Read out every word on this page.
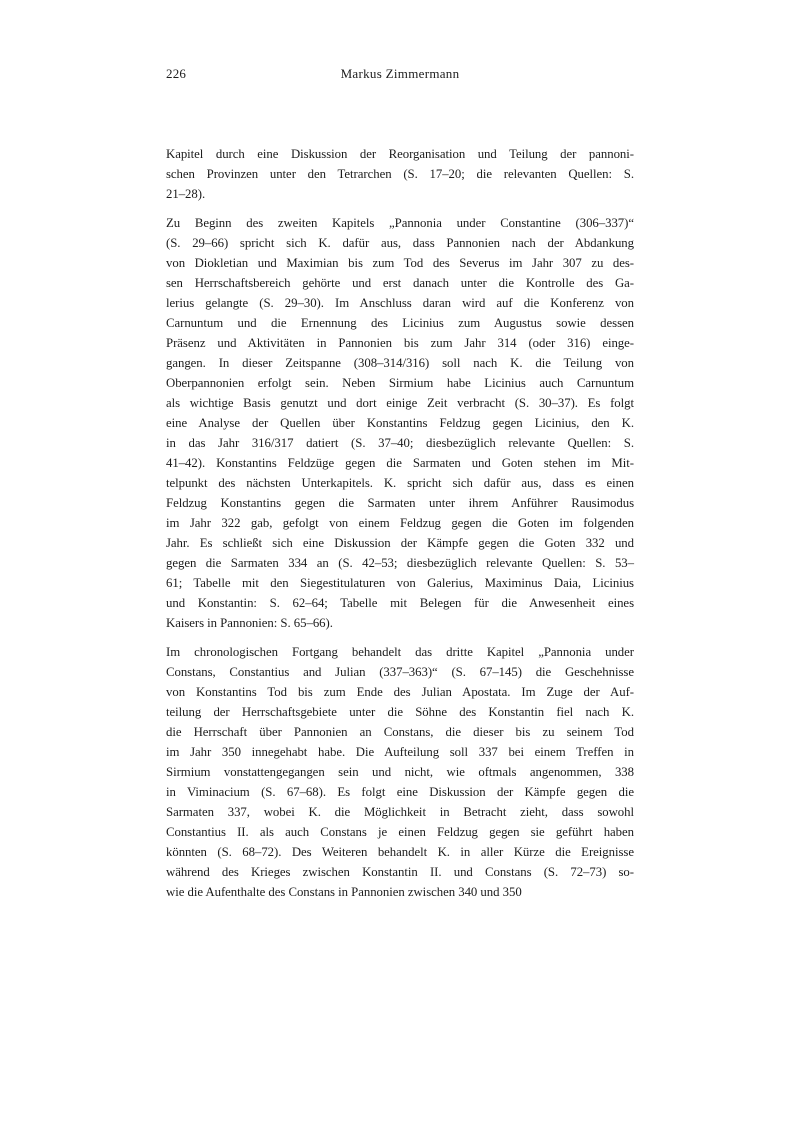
226	Markus Zimmermann
Kapitel durch eine Diskussion der Reorganisation und Teilung der pannoni-
schen Provinzen unter den Tetrarchen (S. 17–20; die relevanten Quellen: S.
21–28).
Zu Beginn des zweiten Kapitels „Pannonia under Constantine (306–337)“
(S. 29–66) spricht sich K. dafür aus, dass Pannonien nach der Abdankung
von Diokletian und Maximian bis zum Tod des Severus im Jahr 307 zu des-
sen Herrschaftsbereich gehörte und erst danach unter die Kontrolle des Ga-
lerius gelangte (S. 29–30). Im Anschluss daran wird auf die Konferenz von
Carnuntum und die Ernennung des Licinius zum Augustus sowie dessen
Präsenz und Aktivitäten in Pannonien bis zum Jahr 314 (oder 316) einge-
gangen. In dieser Zeitspanne (308–314/316) soll nach K. die Teilung von
Oberpannonien erfolgt sein. Neben Sirmium habe Licinius auch Carnuntum
als wichtige Basis genutzt und dort einige Zeit verbracht (S. 30–37). Es folgt
eine Analyse der Quellen über Konstantins Feldzug gegen Licinius, den K.
in das Jahr 316/317 datiert (S. 37–40; diesbezüglich relevante Quellen: S.
41–42). Konstantins Feldzüge gegen die Sarmaten und Goten stehen im Mit-
telpunkt des nächsten Unterkapitels. K. spricht sich dafür aus, dass es einen
Feldzug Konstantins gegen die Sarmaten unter ihrem Anführer Rausimodus
im Jahr 322 gab, gefolgt von einem Feldzug gegen die Goten im folgenden
Jahr. Es schließt sich eine Diskussion der Kämpfe gegen die Goten 332 und
gegen die Sarmaten 334 an (S. 42–53; diesbezüglich relevante Quellen: S. 53–
61; Tabelle mit den Siegestitulaturen von Galerius, Maximinus Daia, Licinius
und Konstantin: S. 62–64; Tabelle mit Belegen für die Anwesenheit eines
Kaisers in Pannonien: S. 65–66).
Im chronologischen Fortgang behandelt das dritte Kapitel „Pannonia under
Constans, Constantius and Julian (337–363)“ (S. 67–145) die Geschehnisse
von Konstantins Tod bis zum Ende des Julian Apostata. Im Zuge der Auf-
teilung der Herrschaftsgebiete unter die Söhne des Konstantin fiel nach K.
die Herrschaft über Pannonien an Constans, die dieser bis zu seinem Tod
im Jahr 350 innegehabt habe. Die Aufteilung soll 337 bei einem Treffen in
Sirmium vonstattengegangen sein und nicht, wie oftmals angenommen, 338
in Viminacium (S. 67–68). Es folgt eine Diskussion der Kämpfe gegen die
Sarmaten 337, wobei K. die Möglichkeit in Betracht zieht, dass sowohl
Constantius II. als auch Constans je einen Feldzug gegen sie geführt haben
könnten (S. 68–72). Des Weiteren behandelt K. in aller Kürze die Ereignisse
während des Krieges zwischen Konstantin II. und Constans (S. 72–73) so-
wie die Aufenthalte des Constans in Pannonien zwischen 340 und 350
